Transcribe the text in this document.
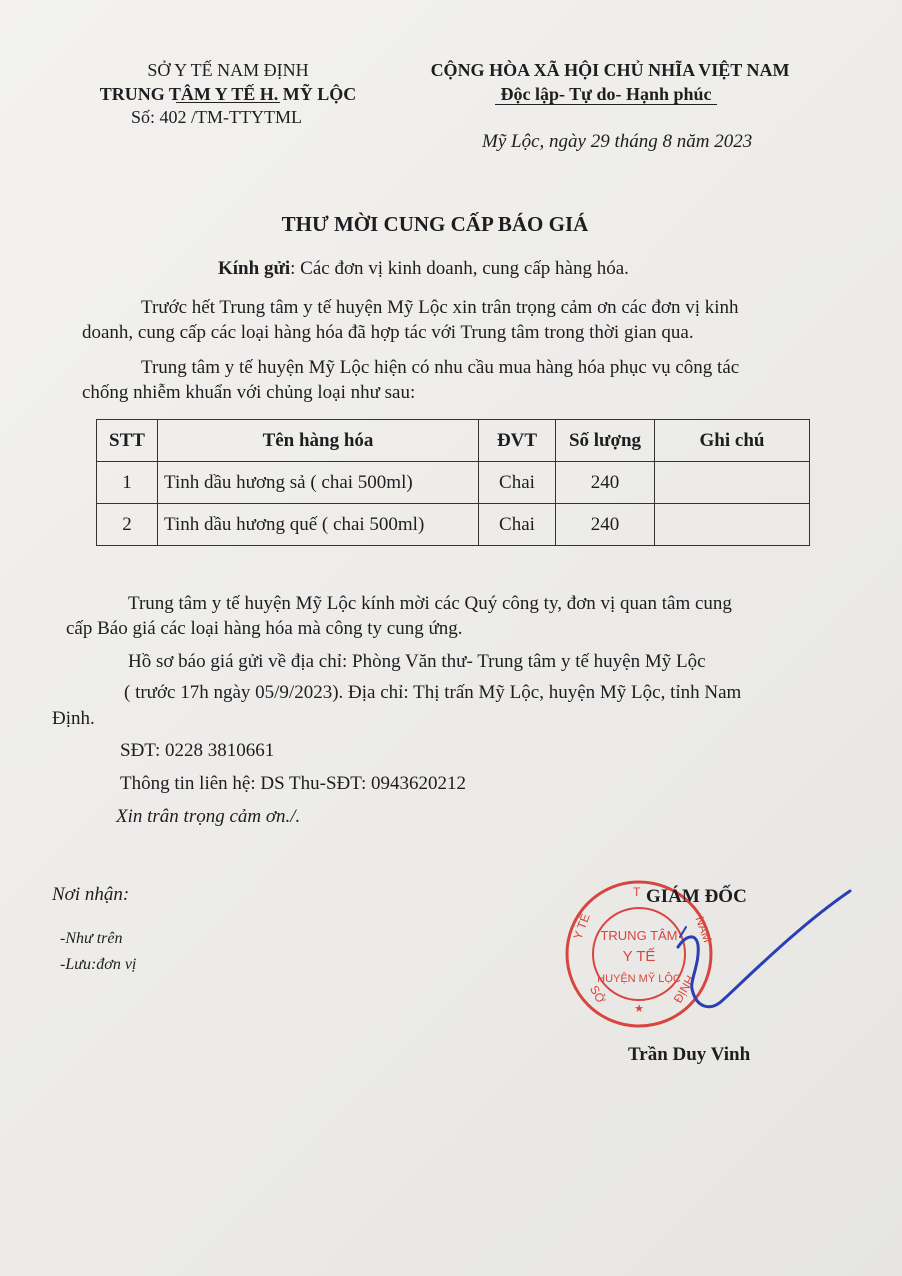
SỞ Y TẾ NAM ĐỊNH
TRUNG TÂM Y TẾ H. MỸ LỘC
Số: 402 /TM-TTYTML
CỘNG HÒA XÃ HỘI CHỦ NHĨA VIỆT NAM
Độc lập- Tự do- Hạnh phúc
Mỹ Lộc, ngày 29 tháng 8 năm 2023
THƯ MỜI CUNG CẤP BÁO GIÁ
Kính gửi: Các đơn vị kinh doanh, cung cấp hàng hóa.
Trước hết Trung tâm y tế huyện Mỹ Lộc xin trân trọng cảm ơn các đơn vị kinh
doanh, cung cấp các loại hàng hóa đã hợp tác với Trung tâm trong thời gian qua.
Trung tâm y tế huyện Mỹ Lộc hiện có nhu cầu mua hàng hóa phục vụ công tác
chống nhiễm khuẩn với chủng loại như sau:
STT	Tên hàng hóa	ĐVT	Số lượng	Ghi chú
1	Tinh dầu hương sả ( chai 500ml)	Chai	240	
2	Tinh dầu hương quế ( chai 500ml)	Chai	240	
Trung tâm y tế huyện Mỹ Lộc kính mời các Quý công ty, đơn vị quan tâm cung
cấp Báo giá các loại hàng hóa mà công ty cung ứng.
Hồ sơ báo giá gửi về địa chỉ: Phòng Văn thư- Trung tâm y tế huyện Mỹ Lộc
( trước 17h ngày 05/9/2023). Địa chỉ: Thị trấn Mỹ Lộc, huyện Mỹ Lộc, tỉnh Nam
Định.
SĐT: 0228 3810661
Thông tin liên hệ: DS Thu-SĐT: 0943620212
Xin trân trọng cảm ơn./.
Nơi nhận:
-Như trên
-Lưu:đơn vị
Y TẾ	NAM
SỞ	ĐỊNH
T
★
TRUNG TÂM
Y TẾ
HUYỆN MỸ LỘC
GIÁM ĐỐC
Trần Duy Vinh
